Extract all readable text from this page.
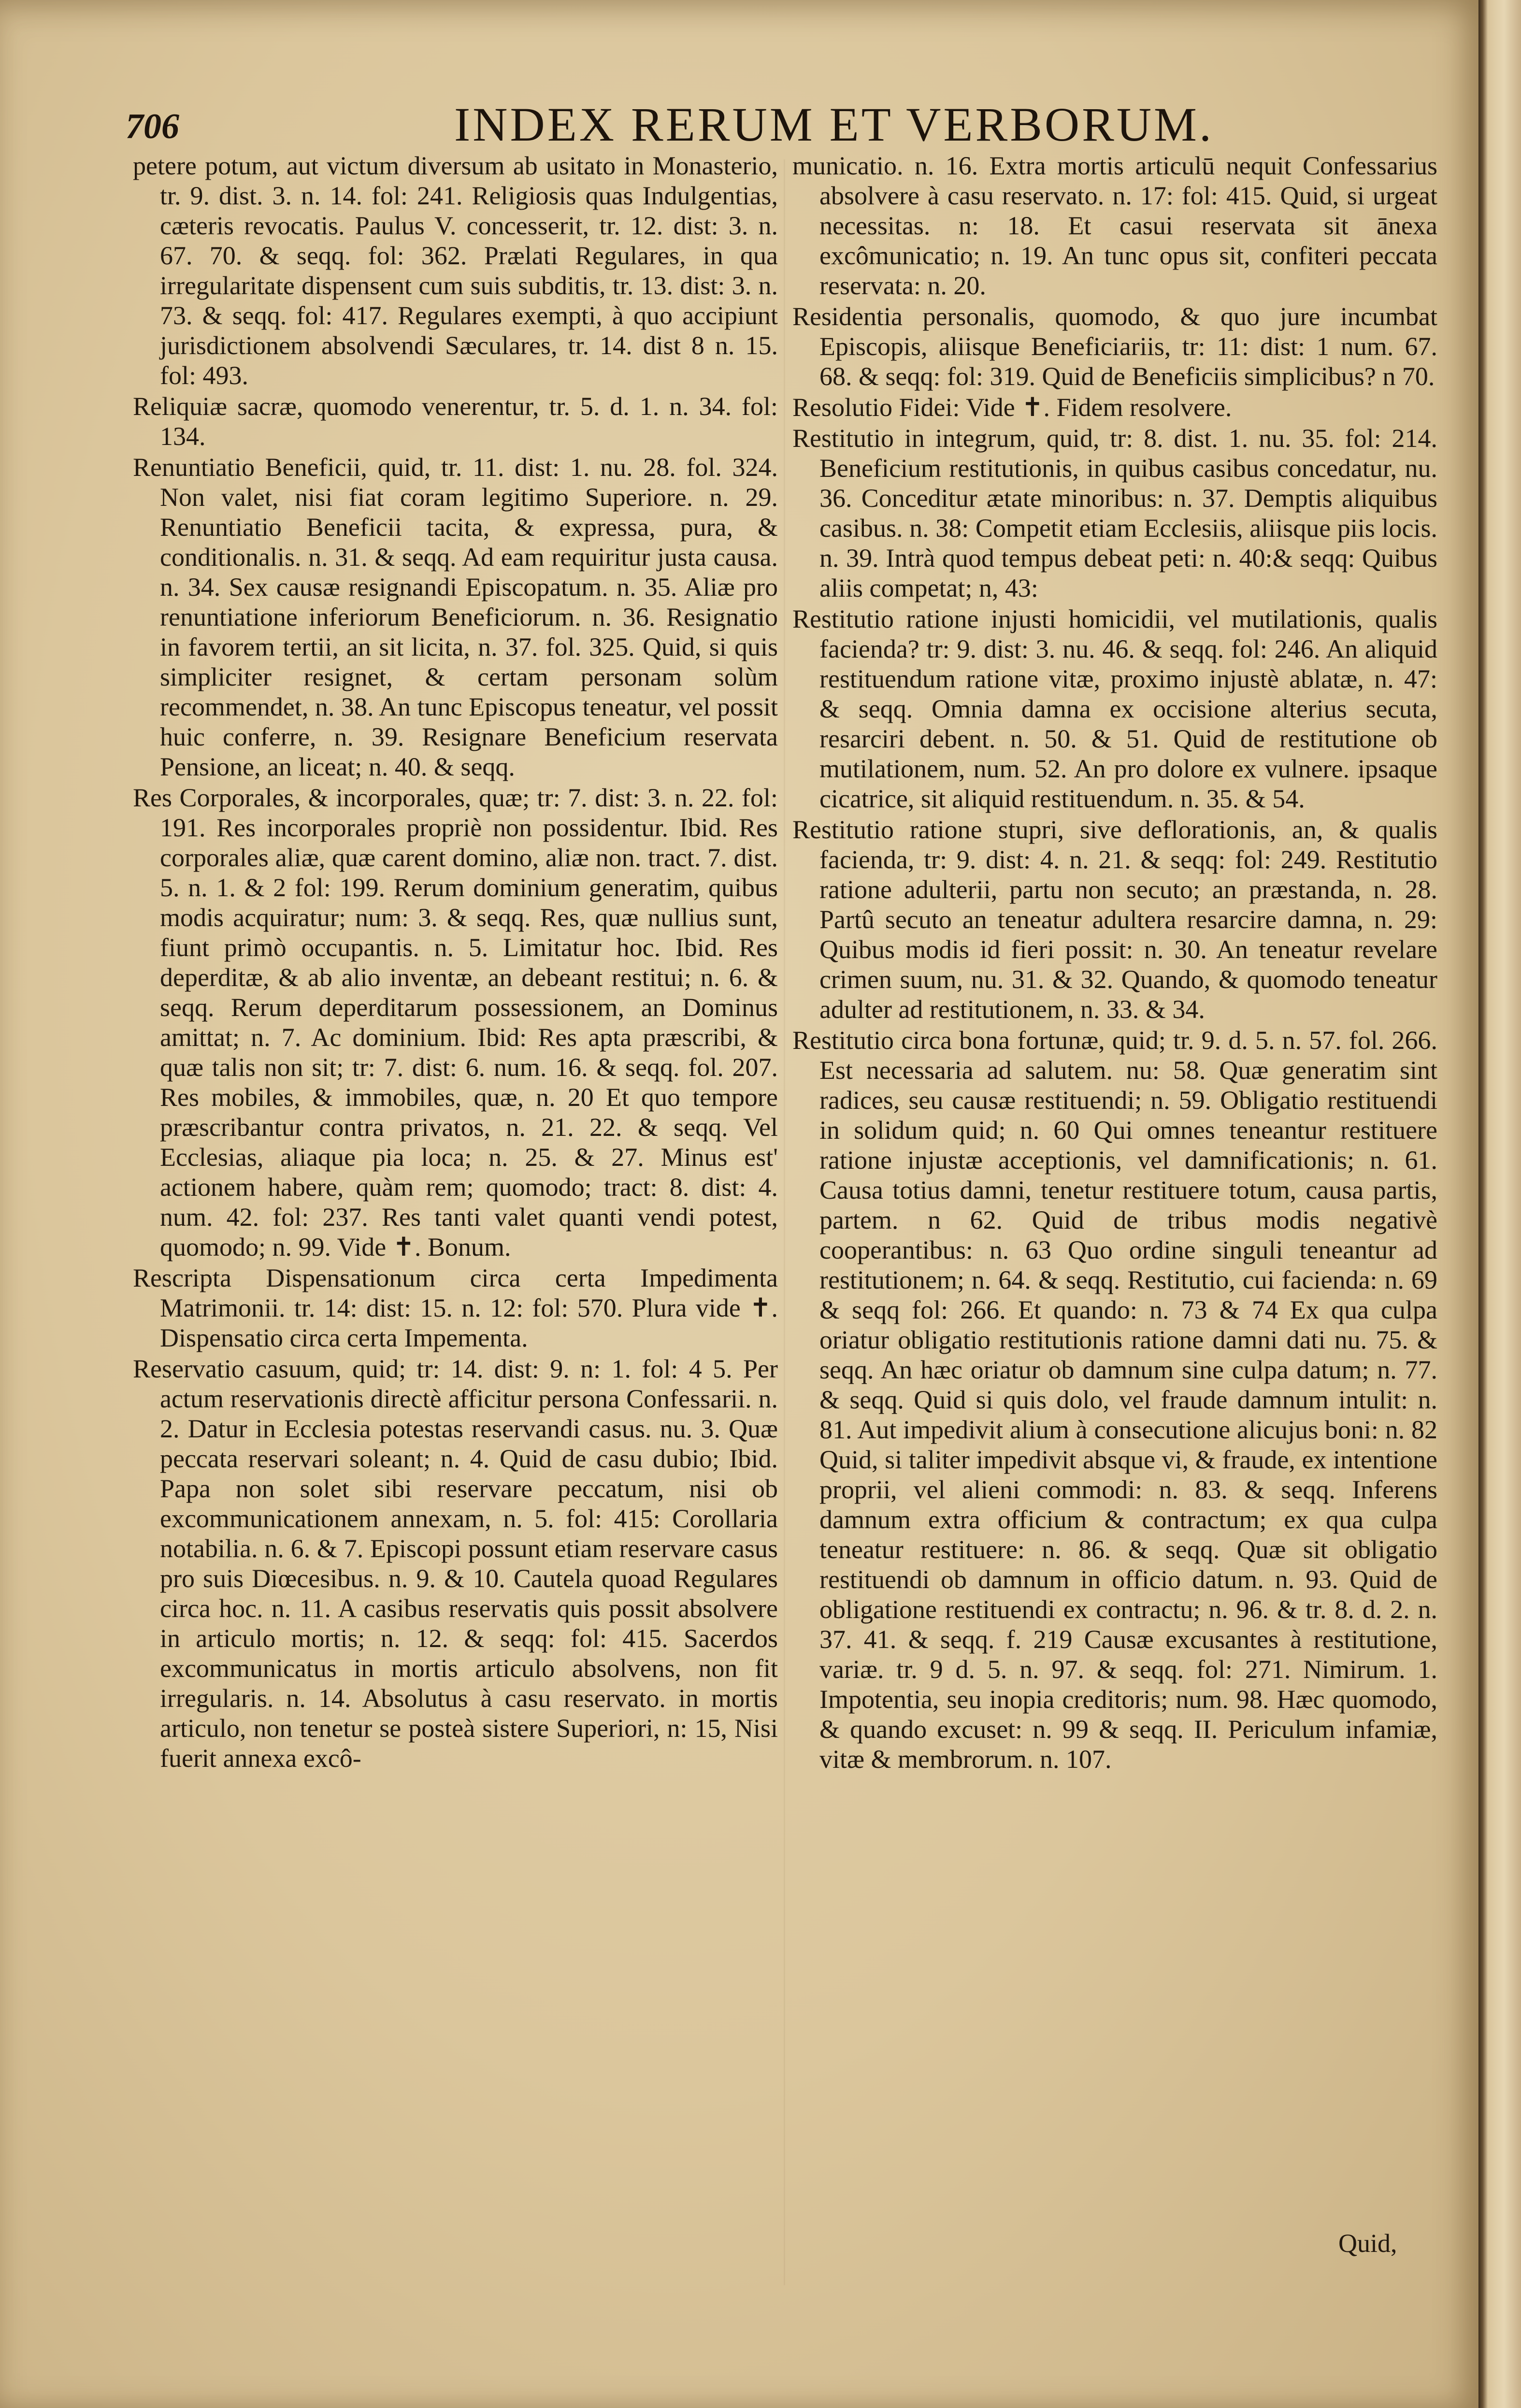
706	INDEX RERUM ET VERBORUM.

petere potum, aut victum diversum ab usitato in Monasterio, tr. 9. dist. 3. n. 14. fol: 241. Religiosis quas Indulgentias, cæteris revocatis. Paulus V. concesserit, tr. 12. dist: 3. n. 67. 70. & seqq. fol: 362. Prælati Regulares, in qua irregularitate dispensent cum suis subditis, tr. 13. dist: 3. n. 73. & seqq. fol: 417. Regulares exempti, à quo accipiunt jurisdictionem absolvendi Sæculares, tr. 14. dist 8 n. 15. fol: 493.

Reliquiæ sacræ, quomodo venerentur, tr. 5. d. 1. n. 34. fol: 134.

Renuntiatio Beneficii, quid, tr. 11. dist: 1. nu. 28. fol. 324. Non valet, nisi fiat coram legitimo Superiore. n. 29. Renuntiatio Beneficii tacita, & expressa, pura, & conditionalis. n. 31. & seqq. Ad eam requiritur justa causa. n. 34. Sex causæ resignandi Episcopatum. n. 35. Aliæ pro renuntiatione inferiorum Beneficiorum. n. 36. Resignatio in favorem tertii, an sit licita, n. 37. fol. 325. Quid, si quis simpliciter resignet, & certam personam solùm recommendet, n. 38. An tunc Episcopus teneatur, vel possit huic conferre, n. 39. Resignare Beneficium reservata Pensione, an liceat; n. 40. & seqq.

Res Corporales, & incorporales, quæ; tr: 7. dist: 3. n. 22. fol: 191. Res incorporales propriè non possidentur. Ibid. Res corporales aliæ, quæ carent domino, aliæ non. tract. 7. dist. 5. n. 1. & 2 fol: 199. Rerum dominium generatim, quibus modis acquiratur; num: 3. & seqq. Res, quæ nullius sunt, fiunt primò occupantis. n. 5. Limitatur hoc. Ibid. Res deperditæ, & ab alio inventæ, an debeant restitui; n. 6. & seqq. Rerum deperditarum possessionem, an Dominus amittat; n. 7. Ac dominium. Ibid: Res apta præscribi, & quæ talis non sit; tr: 7. dist: 6. num. 16. & seqq. fol. 207. Res mobiles, & immobiles, quæ, n. 20 Et quo tempore præscribantur contra privatos, n. 21. 22. & seqq. Vel Ecclesias, aliaque pia loca; n. 25. & 27. Minus est' actionem habere, quàm rem; quomodo; tract: 8. dist: 4. num. 42. fol: 237. Res tanti valet quanti vendi potest, quomodo; n. 99. Vide ✝. Bonum.

Rescripta Dispensationum circa certa Impedimenta Matrimonii. tr. 14: dist: 15. n. 12: fol: 570. Plura vide ✝. Dispensatio circa certa Impementa.

Reservatio casuum, quid; tr: 14. dist: 9. n: 1. fol: 4 5. Per actum reservationis directè afficitur persona Confessarii. n. 2. Datur in Ecclesia potestas reservandi casus. nu. 3. Quæ peccata reservari soleant; n. 4. Quid de casu dubio; Ibid. Papa non solet sibi reservare peccatum, nisi ob excommunicationem annexam, n. 5. fol: 415: Corollaria notabilia. n. 6. & 7. Episcopi possunt etiam reservare casus pro suis Diœcesibus. n. 9. & 10. Cautela quoad Regulares circa hoc. n. 11. A casibus reservatis quis possit absolvere in articulo mortis; n. 12. & seqq: fol: 415. Sacerdos excommunicatus in mortis articulo absolvens, non fit irregularis. n. 14. Absolutus à casu reservato. in mortis articulo, non tenetur se posteà sistere Superiori, n: 15, Nisi fuerit annexa excô-

municatio. n. 16. Extra mortis articulū nequit Confessarius absolvere à casu reservato. n. 17: fol: 415. Quid, si urgeat necessitas. n: 18. Et casui reservata sit ānexa excômunicatio; n. 19. An tunc opus sit, confiteri peccata reservata: n. 20.

Residentia personalis, quomodo, & quo jure incumbat Episcopis, aliisque Beneficiariis, tr: 11: dist: 1 num. 67. 68. & seqq: fol: 319. Quid de Beneficiis simplicibus? n 70.

Resolutio Fidei: Vide ✝. Fidem resolvere.

Restitutio in integrum, quid, tr: 8. dist. 1. nu. 35. fol: 214. Beneficium restitutionis, in quibus casibus concedatur, nu. 36. Conceditur ætate minoribus: n. 37. Demptis aliquibus casibus. n. 38: Competit etiam Ecclesiis, aliisque piis locis. n. 39. Intrà quod tempus debeat peti: n. 40:& seqq: Quibus aliis competat; n, 43:

Restitutio ratione injusti homicidii, vel mutilationis, qualis facienda? tr: 9. dist: 3. nu. 46. & seqq. fol: 246. An aliquid restituendum ratione vitæ, proximo injustè ablatæ, n. 47: & seqq. Omnia damna ex occisione alterius secuta, resarciri debent. n. 50. & 51. Quid de restitutione ob mutilationem, num. 52. An pro dolore ex vulnere. ipsaque cicatrice, sit aliquid restituendum. n. 35. & 54.

Restitutio ratione stupri, sive deflorationis, an, & qualis facienda, tr: 9. dist: 4. n. 21. & seqq: fol: 249. Restitutio ratione adulterii, partu non secuto; an præstanda, n. 28. Partû secuto an teneatur adultera resarcire damna, n. 29: Quibus modis id fieri possit: n. 30. An teneatur revelare crimen suum, nu. 31. & 32. Quando, & quomodo teneatur adulter ad restitutionem, n. 33. & 34.

Restitutio circa bona fortunæ, quid; tr. 9. d. 5. n. 57. fol. 266. Est necessaria ad salutem. nu: 58. Quæ generatim sint radices, seu causæ restituendi; n. 59. Obligatio restituendi in solidum quid; n. 60 Qui omnes teneantur restituere ratione injustæ acceptionis, vel damnificationis; n. 61. Causa totius damni, tenetur restituere totum, causa partis, partem. n 62. Quid de tribus modis negativè cooperantibus: n. 63 Quo ordine singuli teneantur ad restitutionem; n. 64. & seqq. Restitutio, cui facienda: n. 69 & seqq fol: 266. Et quando: n. 73 & 74 Ex qua culpa oriatur obligatio restitutionis ratione damni dati nu. 75. & seqq. An hæc oriatur ob damnum sine culpa datum; n. 77. & seqq. Quid si quis dolo, vel fraude damnum intulit: n. 81. Aut impedivit alium à consecutione alicujus boni: n. 82 Quid, si taliter impedivit absque vi, & fraude, ex intentione proprii, vel alieni commodi: n. 83. & seqq. Inferens damnum extra officium & contractum; ex qua culpa teneatur restituere: n. 86. & seqq. Quæ sit obligatio restituendi ob damnum in officio datum. n. 93. Quid de obligatione restituendi ex contractu; n. 96. & tr. 8. d. 2. n. 37. 41. & seqq. f. 219 Causæ excusantes à restitutione, variæ. tr. 9 d. 5. n. 97. & seqq. fol: 271. Nimirum. 1. Impotentia, seu inopia creditoris; num. 98. Hæc quomodo, & quando excuset: n. 99 & seqq. II. Periculum infamiæ, vitæ & membrorum. n. 107.

Quid,
